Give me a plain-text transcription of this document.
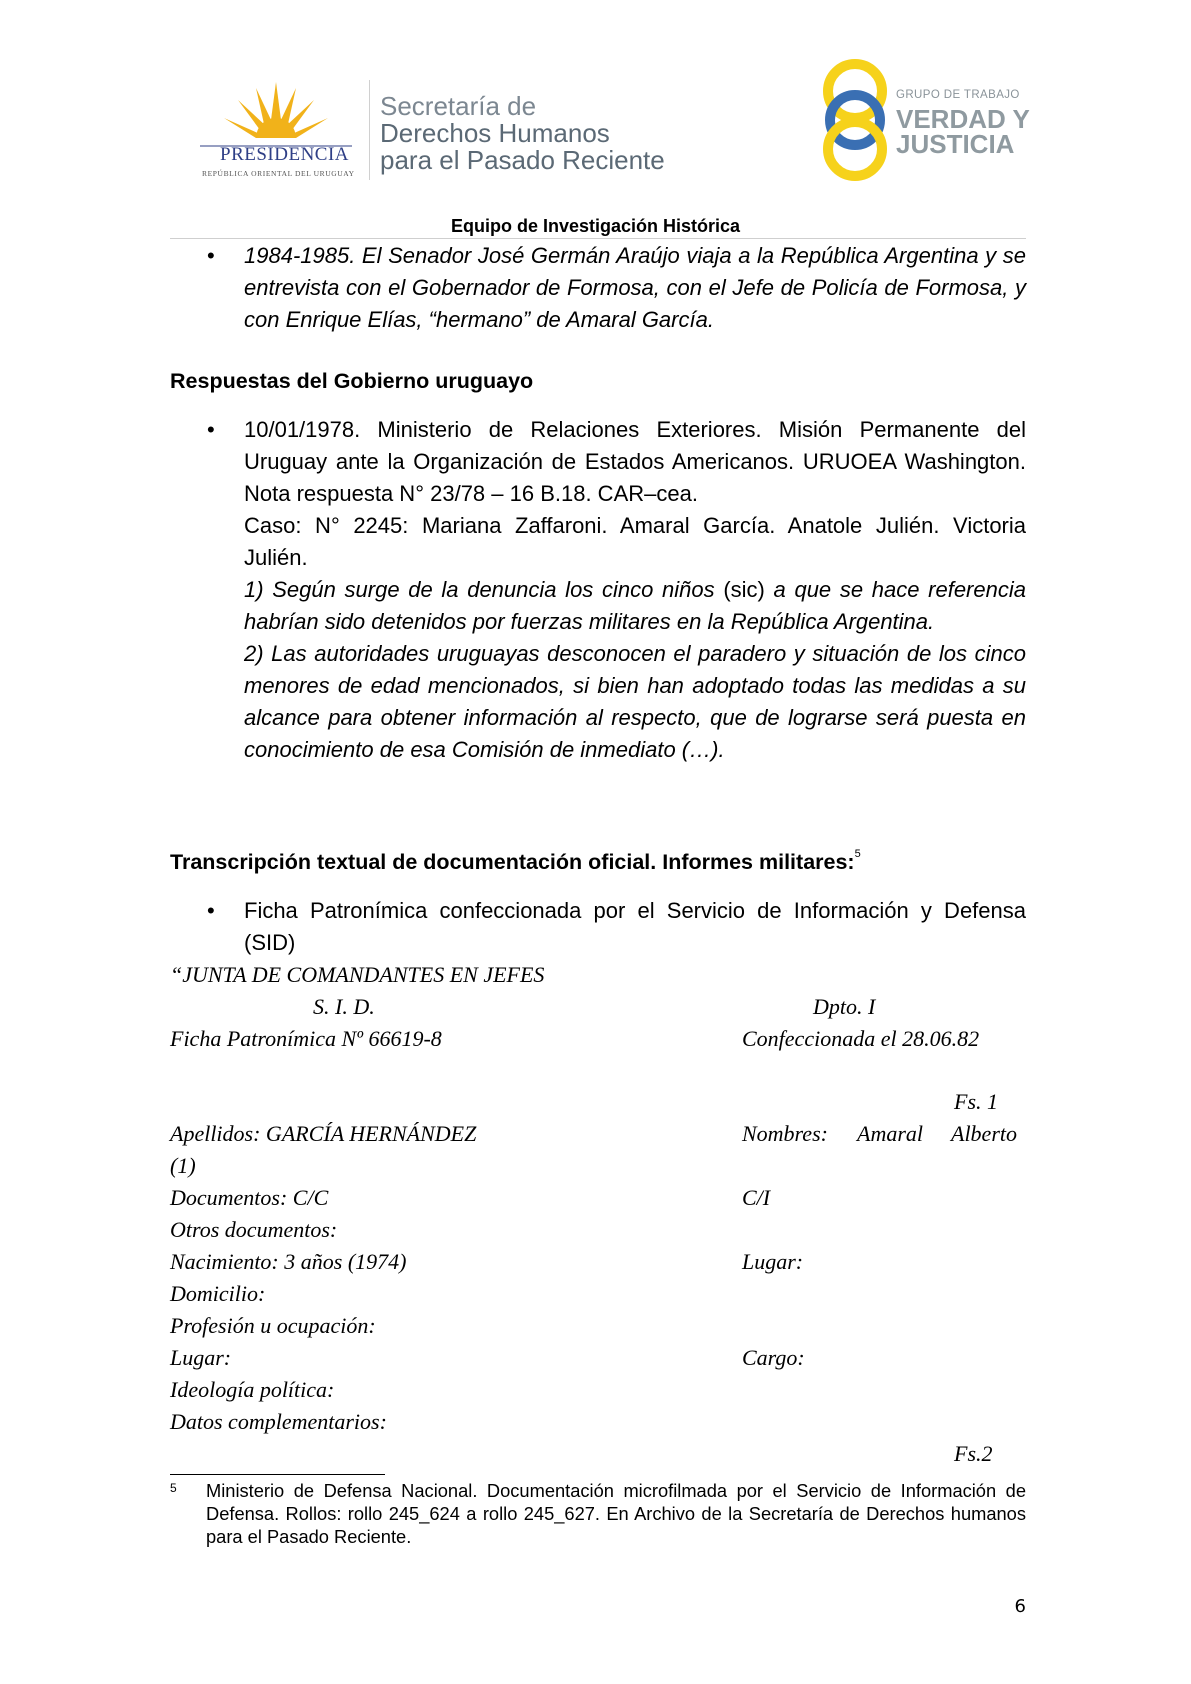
PRESIDENCIA
REPÚBLICA ORIENTAL DEL URUGUAY
Secretaría de
Derechos Humanos
para el Pasado Reciente
GRUPO DE TRABAJO
VERDAD Y
JUSTICIA
Equipo de Investigación Histórica
• 1984-1985. El Senador José Germán Araújo viaja a la República Argentina y se entrevista con el Gobernador de Formosa, con el Jefe de Policía de Formosa, y con Enrique Elías, “hermano” de Amaral García.
Respuestas del Gobierno uruguayo
• 10/01/1978. Ministerio de Relaciones Exteriores. Misión Permanente del Uruguay ante la Organización de Estados Americanos. URUOEA Washington. Nota respuesta N° 23/78 – 16 B.18. CAR–cea.
Caso: N° 2245: Mariana Zaffaroni. Amaral García. Anatole Julién. Victoria Julién.
1) Según surge de la denuncia los cinco niños (sic) a que se hace referencia habrían sido detenidos por fuerzas militares en la República Argentina.
2) Las autoridades uruguayas desconocen el paradero y situación de los cinco menores de edad mencionados, si bien han adoptado todas las medidas a su alcance para obtener información al respecto, que de lograrse será puesta en conocimiento de esa Comisión de inmediato (…).
Transcripción textual de documentación oficial. Informes militares:$^5$
• Ficha Patronímica confeccionada por el Servicio de Información y Defensa (SID)
“JUNTA DE COMANDANTES EN JEFES
S. I. D.	Dpto. I
Ficha Patronímica Nº 66619-8	Confeccionada el 28.06.82
Fs. 1
Apellidos: GARCÍA HERNÁNDEZ	Nombres: Amaral Alberto
(1)
Documentos: C/C	C/I
Otros documentos:
Nacimiento: 3 años (1974)	Lugar:
Domicilio:
Profesión u ocupación:
Lugar:	Cargo:
Ideología política:
Datos complementarios:
Fs.2
5 Ministerio de Defensa Nacional. Documentación microfilmada por el Servicio de Información de Defensa. Rollos: rollo 245_624 a rollo 245_627. En Archivo de la Secretaría de Derechos humanos para el Pasado Reciente.
6
